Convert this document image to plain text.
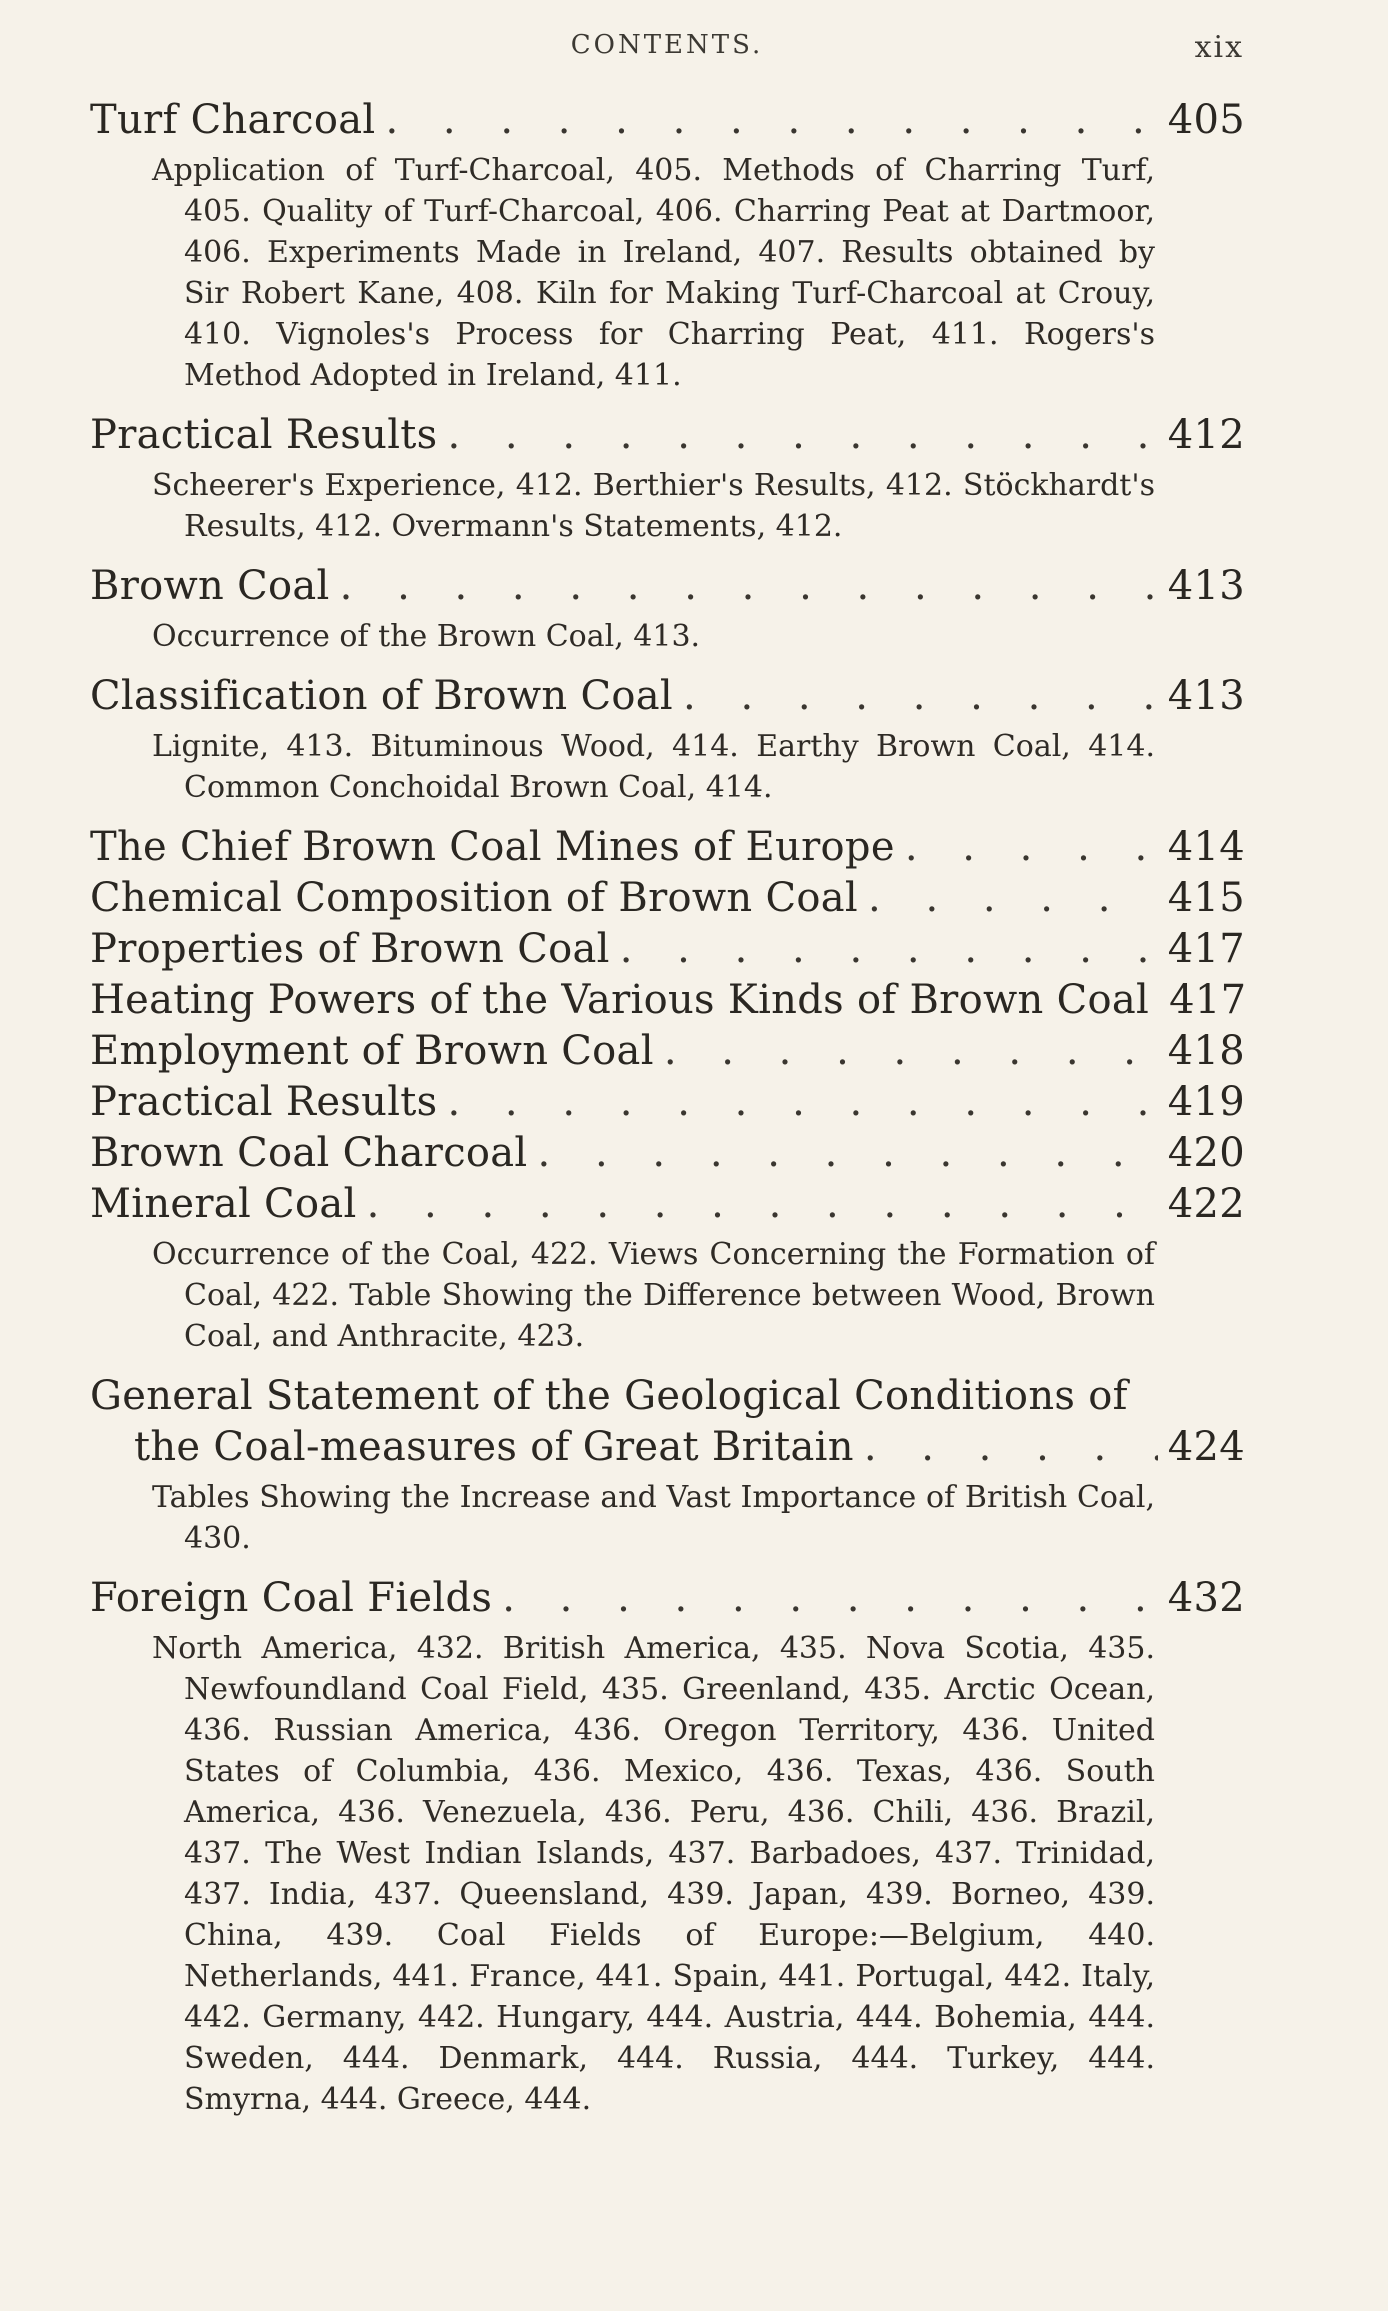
CONTENTS.	xix
Turf Charcoal . . .	405
Application of Turf-Charcoal, 405. Methods of Charring Turf, 405. Quality of Turf-Charcoal, 406. Charring Peat at Dartmoor, 406. Experiments Made in Ireland, 407. Results obtained by Sir Robert Kane, 408. Kiln for Making Turf-Charcoal at Crouy, 410. Vignoles's Process for Charring Peat, 411. Rogers's Method Adopted in Ireland, 411.
Practical Results . . .	412
Scheerer's Experience, 412. Berthier's Results, 412. Stöckhardt's Results, 412. Overmann's Statements, 412.
Brown Coal . . .	413
Occurrence of the Brown Coal, 413.
Classification of Brown Coal . . .	413
Lignite, 413. Bituminous Wood, 414. Earthy Brown Coal, 414. Common Conchoidal Brown Coal, 414.
The Chief Brown Coal Mines of Europe . . .	414
Chemical Composition of Brown Coal . . .	415
Properties of Brown Coal . . .	417
Heating Powers of the Various Kinds of Brown Coal 417
Employment of Brown Coal . . .	418
Practical Results . . .	419
Brown Coal Charcoal . . .	420
Mineral Coal . . .	422
Occurrence of the Coal, 422. Views Concerning the Formation of Coal, 422. Table Showing the Difference between Wood, Brown Coal, and Anthracite, 423.
General Statement of the Geological Conditions of
the Coal-measures of Great Britain . . .	424
Tables Showing the Increase and Vast Importance of British Coal, 430.
Foreign Coal Fields . . .	432
North America, 432. British America, 435. Nova Scotia, 435. Newfoundland Coal Field, 435. Greenland, 435. Arctic Ocean, 436. Russian America, 436. Oregon Territory, 436. United States of Columbia, 436. Mexico, 436. Texas, 436. South America, 436. Venezuela, 436. Peru, 436. Chili, 436. Brazil, 437. The West Indian Islands, 437. Barbadoes, 437. Trinidad, 437. India, 437. Queensland, 439. Japan, 439. Borneo, 439. China, 439. Coal Fields of Europe:—Belgium, 440. Netherlands, 441. France, 441. Spain, 441. Portugal, 442. Italy, 442. Germany, 442. Hungary, 444. Austria, 444. Bohemia, 444. Sweden, 444. Denmark, 444. Russia, 444. Turkey, 444. Smyrna, 444. Greece, 444.
